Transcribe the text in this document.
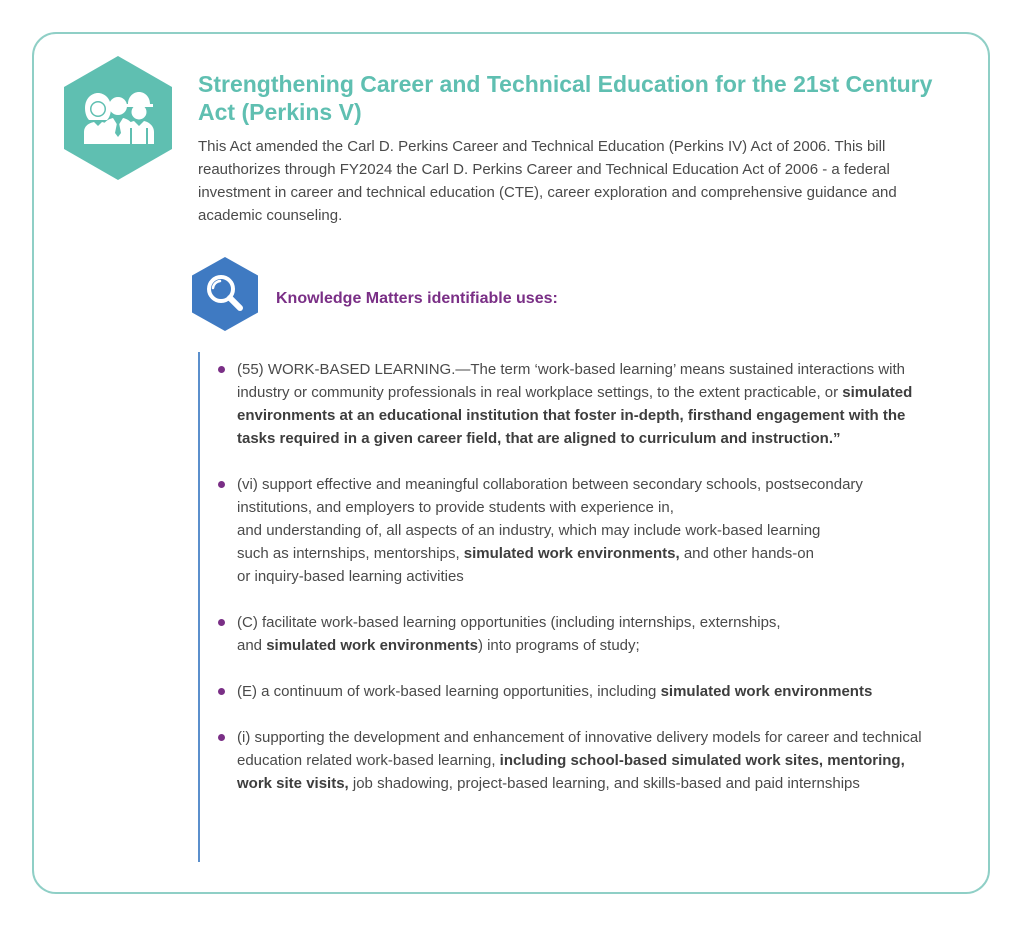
Strengthening Career and Technical Education for the 21st Century Act (Perkins V)

This Act amended the Carl D. Perkins Career and Technical Education (Perkins IV) Act of 2006. This bill reauthorizes through FY2024 the Carl D. Perkins Career and Technical Education Act of 2006 - a federal investment in career and technical education (CTE), career exploration and comprehensive guidance and academic counseling.

Knowledge Matters identifiable uses:
(55) WORK-BASED LEARNING.—The term ‘work-based learning’ means sustained interactions with industry or community professionals in real workplace settings, to the extent practicable, or simulated environments at an educational institution that foster in-depth, firsthand engagement with the tasks required in a given career field, that are aligned to curriculum and instruction.”
(vi) support effective and meaningful collaboration between secondary schools, postsecondary institutions, and employers to provide students with experience in,
and understanding of, all aspects of an industry, which may include work-based learning
such as internships, mentorships, simulated work environments, and other hands-on
or inquiry-based learning activities
(C) facilitate work-based learning opportunities (including internships, externships,
and simulated work environments) into programs of study;
(E) a continuum of work-based learning opportunities, including simulated work environments
(i) supporting the development and enhancement of innovative delivery models for career and technical education related work-based learning, including school-based simulated work sites, mentoring, work site visits, job shadowing, project-based learning, and skills-based and paid internships
